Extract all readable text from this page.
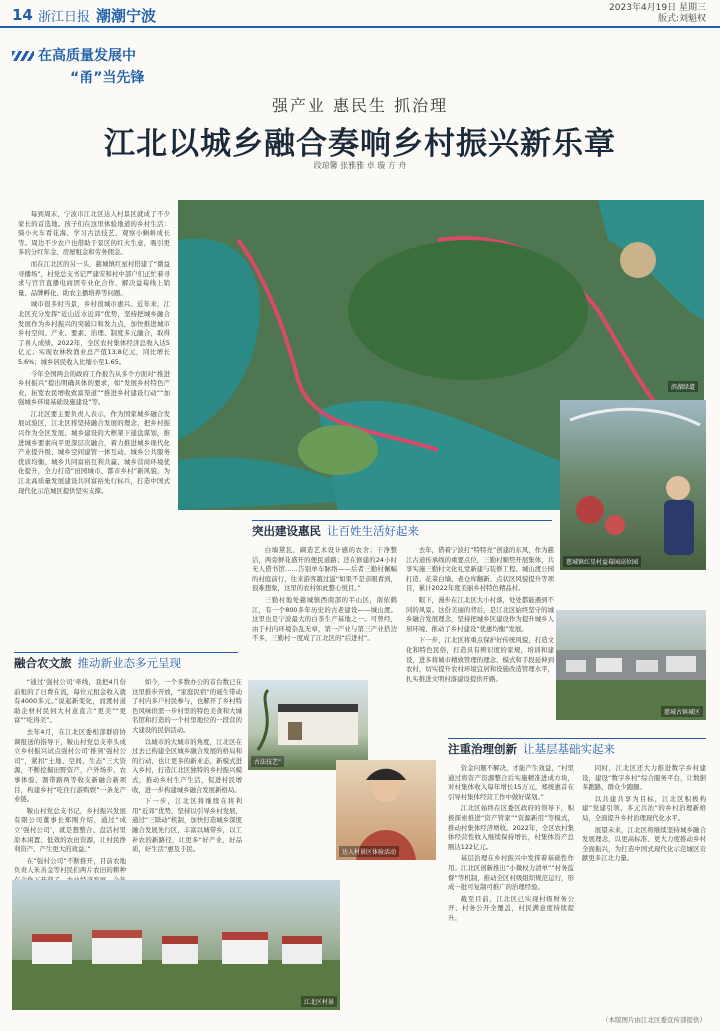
14 浙江日报 潮潮宁波	2023年4月19日 星期三
版式:刘魁权
在高质量发展中
“甬”当先锋
强产业 惠民生 抓治理
江北以城乡融合奏响乡村振兴新乐章
段琼馨 张雅雅 卓 璇 方 舟

每到周末，宁波市江北区达人村景区就成了不少家长的首选地。孩子们在这里体验地道的乡村生活：骑小火车看花海、学习古法技艺、观察小蝌蚪成长等。周边不少农户也借助于景区的红火生意，吸引更多的分红年金、房屋租金和劳务佣金。

而在江北区的另一头，慈城镇红星村搭建了“微益寻播场”，村党总支书记严建安和村中部户们正忙着寻求与宫宫直播电商团专业化合作，解决益莓线上销量、品牌孵化、助农主播培养等问题。

城市很多时当景，乡村很城市惠兴。近年来，江北区充分发挥“近山近水近郊”优势，坚持把城乡融合发展作为乡村振兴的突破口和发力点，加快推进城市乡村空间、产业、要素、治理、制度多元融合，取得了喜人成绩。2022年，全区农村集体经济总收入达5亿元；实现农林牧渔业总产值13.8亿元，同比增长5.6%；城乡居民收入比缩小至1.65。

今年全国两会的政府工作报告从多个方面对“推进乡村振兴”提出明确具体的要求，如“发展乡村特色产业，拓宽农民增收致富渠道”“推进乡村建设行动”“加强城乡环境基础设施建设”等。

江北区要主要负责人表示，作为国家城乡融合发展试验区，江北区将坚持融合发展的理念，把乡村振兴作为全区发展、城乡建设的大框架下通盘谋划，推进城乡要素向平更深层次融合，着力推进城乡现代化产业提升级、城乡空间建管一体互动、城乡公共服务优质均衡、城乡共同富裕互利共赢、城乡营商环境优化提升，全力打造“田园城市、都市乡村”新风貌，为江北高质量发展建设共同富裕先行标兵，打造中国式现代化示范城区提供坚实支撑。

滨湖绿道
慈城镇红星村益莓园高位园
突出建设惠民 让百姓生活好起来

白墙黛瓦，碉造艺术设计感的农舍；干净整洁，两旁鲜花盛开的便民道路；还在修建的24小时无人借书馆……告别单车脉络——后者三勤村佩幅的村庭前行，往来游客越过滋“如果不是亲眼看到，很难想象，这里的农村如此整心悦目。”

三勤村地处慈城镇西南部的半山区，南依鹤江，有一个800多年历史的古老建设——城山渡。这里也是宁波最大的白茶生产基地之一。可曾经，由于村内环境杂乱无章，第一产业与第三产业搭边不多，三勤村一度成了江北区的“后进村”。

去年，借着宁波打“特特亮”创建的东风，作为慈江古道传承线的重要点位，三勤村顺势开展集体，共享实施三勤村文化礼堂新建与装修工程、城山渡公园打造、花菜白墙、老仓库翻新、点状区风貌提升等项目，累计2022年度美丽乡村特色精品村。

眼下，漫步在江北区大小村落，处处都能遇到不同的风景。这份美丽的背后，是江北区始终坚守的城乡融合发展理念，坚持把城乡区建设作为提升城乡人居环境、推动了乡村建设“优惠均衡”发展。

下一步，江北区将重点保护好传统风貌，打造文化和特色民俗，打造具有辨识度的家规，培训和建设，进多将城市精致管理的理念、模式和手段延伸到农村，切实提升农村环境宜居和设施改造管理水平，扎实推进文明村落建设提供开路。

融合农文旅 推动新业态多元呈现

“通过‘强村公司’牵线，我把4月份前租的了日费在流，每位元租金收入就有4000多元。”说起新变化，而渡村道助企材村民何大村意直言“更美”“更富”“吃得美”。

去年4月，在江北区委相部群府协调报送的指导下，鞍山村党总支牵头成立乡村振兴试点强村公司‘推剑’强村公司”，紧扣“土地、空间、生态”三大资源，不断挖掘田野资产，户外场步、农事体验、割带路两等收支新融合新项目，构建乡村“吃住行游购娱”一条龙产业链。

鞍山村党总支书记，乡村振兴发展有限公司董事长郑刚介绍，通过“成立‘强村公司’，就是想整合、盘活村里原本闲置、低效的农田资源，让村民挣利资产、产生更大的效益。”

在“强村公司”不断推开，目前农地负责人朱善金等村民们两片农田的耕种

如今，一个多数办公的首台数已在这里推步开放，“家庭民宿”的诞生带动了村内多户村民参与，也解开了乡村特色风味供需一步村里的特色美食和大城名馆和打造的一个村里地位的一段营的大建设的民俗活动。

以城市的大城市的角度，江北区在过去已构建全区城乡融合发展的格局和的行动，也让更多的新业态，新模式进入乡村，打造江北区独特的乡村振兴模式，推动乡村生产生活，促进村民增收，进一步构建城乡融合发展新格局。

下一步，江北区将继续在将利用“近郊”优势，坚持以引导乡村发展，通过“三联动”机制，加快打造城乡深度融合发展先行区，丰富以城带乡，以工补农的新路径，让更多“好产业，好品质，好生活”惠及于民。

古法技艺”
慈城古镇城区
达人村景区体验活动
江北区村景
注重治理创新 让基层基础实起来

资金问题不解决，才能产生效益，“村里通过将资产资源整合后实施精准进成方块，对村集体收入每年增长15万元，郑统惠首在引导村集体经营工作中做好谋划。”

江北区始终在区委区政府的领导下，积极探索推进“资产管家”“资源新用”等模式，推动村集体经济增收。2022年，全区农村集体经营性收入继续保持增长，村集体资产总额达122亿元。

基层治理在乡村振兴中发挥着基础性作用。江北区创新推出“小微权力清单”“村务监督”等机制，推动全区村级组织规范运行，形成一批可复制可推广的治理经验。

截至目前，江北区已实现村级财务公开、村务公开全覆盖，村民满意度持续提升。

同时，江北区还大力推进数字乡村建设，建设“数字乡村”综合服务平台，让数据多跑路、群众少跑腿。

以共建共享为目标，江北区积极构建“党建引领、多元共治”的乡村治理新格局，全面提升乡村治理现代化水平。

展望未来，江北区将继续坚持城乡融合发展理念，以更高标准、更大力度推动乡村全面振兴，为打造中国式现代化示范城区贡献更多江北力量。

（本版图片由江北区委宣传部提供）
